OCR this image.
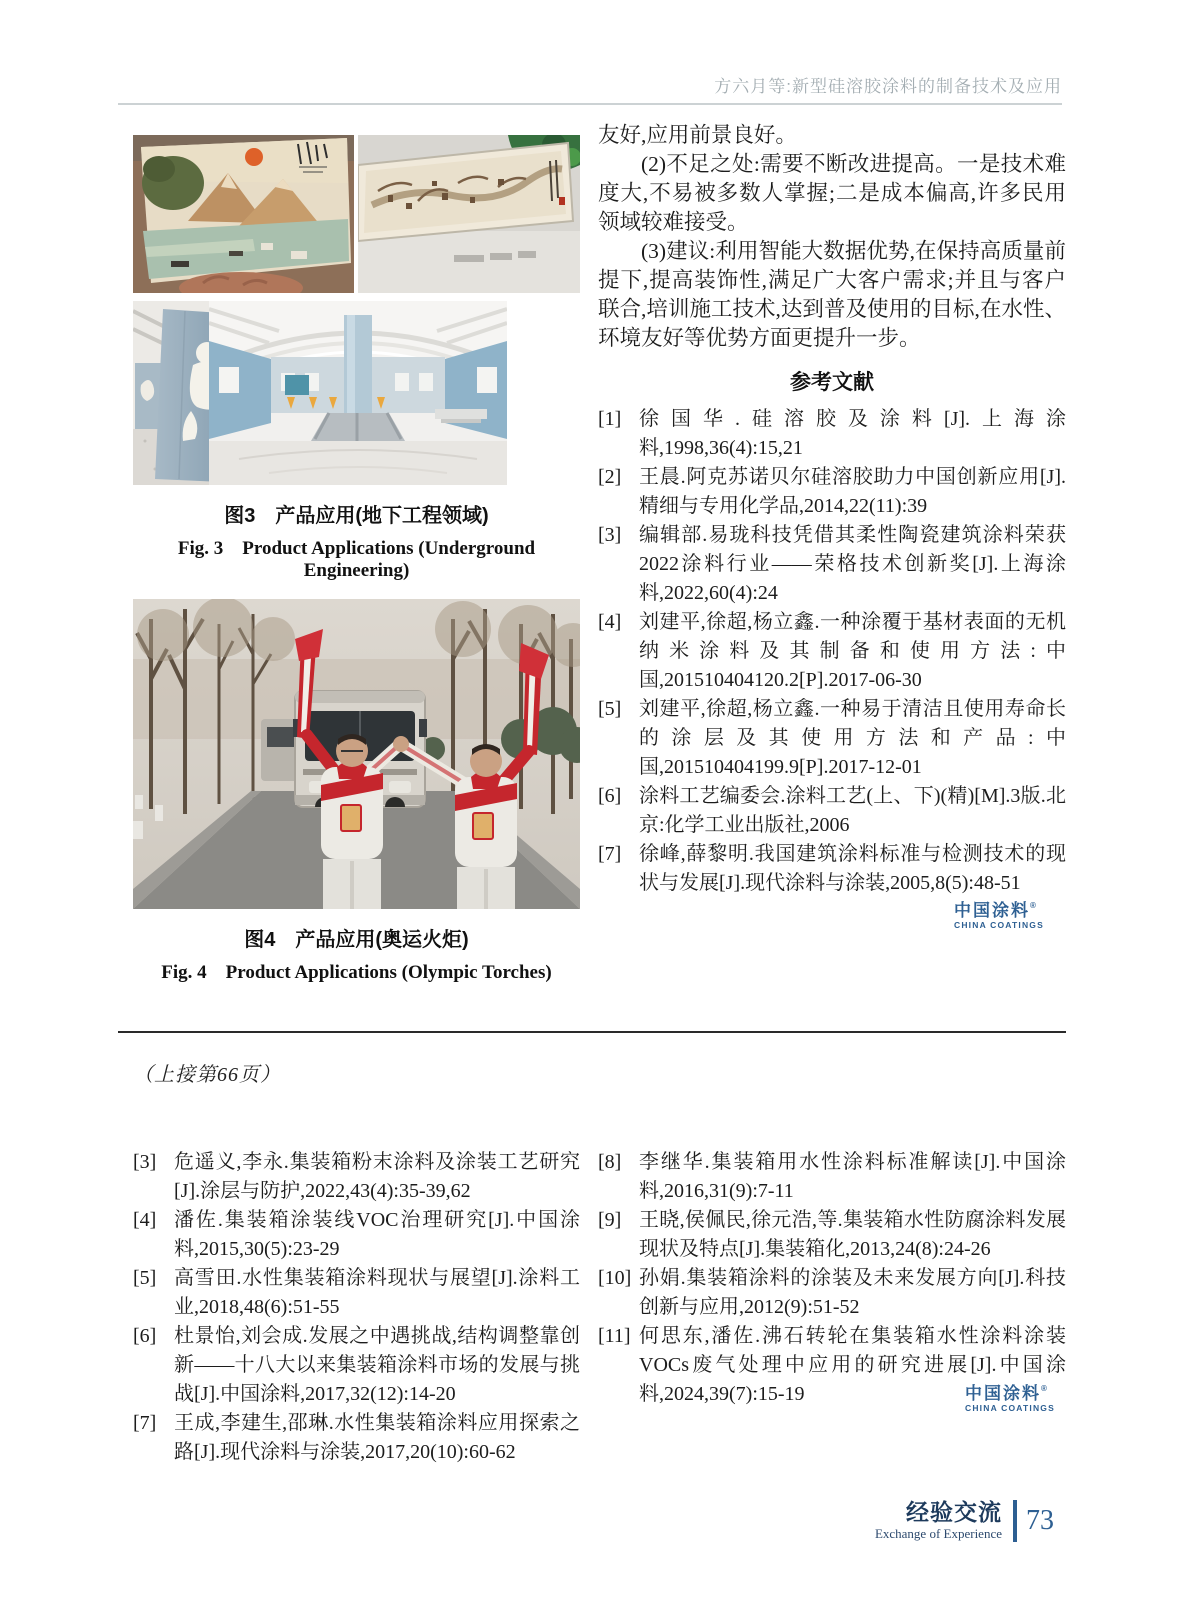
方六月等:新型硅溶胶涂料的制备技术及应用
图3　产品应用(地下工程领域)
Fig. 3　Product Applications (Underground Engineering)
图4　产品应用(奥运火炬)
Fig. 4　Product Applications (Olympic Torches)

友好,应用前景良好。

(2)不足之处:需要不断改进提高。一是技术难度大,不易被多数人掌握;二是成本偏高,许多民用领域较难接受。

(3)建议:利用智能大数据优势,在保持高质量前提下,提高装饰性,满足广大客户需求;并且与客户联合,培训施工技术,达到普及使用的目标,在水性、环境友好等优势方面更提升一步。

参考文献
[1] 徐国华.硅溶胶及涂料[J].上海涂料,1998,36(4):15,21
[2] 王晨.阿克苏诺贝尔硅溶胶助力中国创新应用[J].精细与专用化学品,2014,22(11):39
[3] 编辑部.易珑科技凭借其柔性陶瓷建筑涂料荣获2022涂料行业——荣格技术创新奖[J].上海涂料,2022,60(4):24
[4] 刘建平,徐超,杨立鑫.一种涂覆于基材表面的无机纳米涂料及其制备和使用方法:中国,201510404120.2[P].2017-06-30
[5] 刘建平,徐超,杨立鑫.一种易于清洁且使用寿命长的涂层及其使用方法和产品:中国,201510404199.9[P].2017-12-01
[6] 涂料工艺编委会.涂料工艺(上、下)(精)[M].3版.北京:化学工业出版社,2006
[7] 徐峰,薛黎明.我国建筑涂料标准与检测技术的现状与发展[J].现代涂料与涂装,2005,8(5):48-51
中国涂料®
CHINA COATINGS
（上接第66页）
[3] 危遥义,李永.集装箱粉末涂料及涂装工艺研究[J].涂层与防护,2022,43(4):35-39,62
[4] 潘佐.集装箱涂装线VOC治理研究[J].中国涂料,2015,30(5):23-29
[5] 高雪田.水性集装箱涂料现状与展望[J].涂料工业,2018,48(6):51-55
[6] 杜景怡,刘会成.发展之中遇挑战,结构调整靠创新——十八大以来集装箱涂料市场的发展与挑战[J].中国涂料,2017,32(12):14-20
[7] 王成,李建生,邵琳.水性集装箱涂料应用探索之路[J].现代涂料与涂装,2017,20(10):60-62
[8] 李继华.集装箱用水性涂料标准解读[J].中国涂料,2016,31(9):7-11
[9] 王晓,侯佩民,徐元浩,等.集装箱水性防腐涂料发展现状及特点[J].集装箱化,2013,24(8):24-26
[10] 孙娟.集装箱涂料的涂装及未来发展方向[J].科技创新与应用,2012(9):51-52
[11] 何思东,潘佐.沸石转轮在集装箱水性涂料涂装VOCs废气处理中应用的研究进展[J].中国涂料,2024,39(7):15-19	中国涂料®
CHINA COATINGS
经验交流
Exchange of Experience 73
